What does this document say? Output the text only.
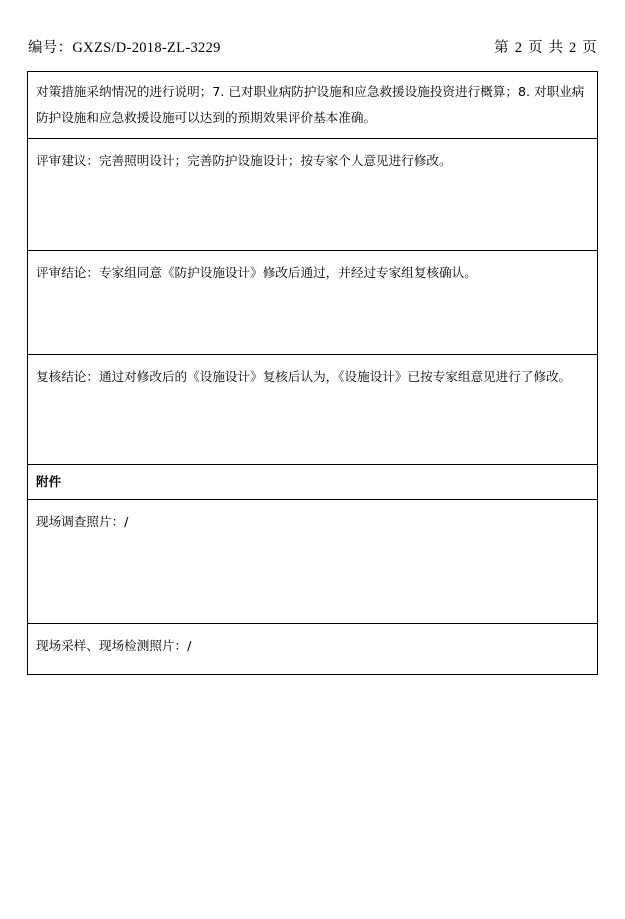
编号：GXZS/D-2018-ZL-3229	第 2 页 共 2 页
对策措施采纳情况的进行说明；7. 已对职业病防护设施和应急救援设施投资进行概算；8. 对职业病防护设施和应急救援设施可以达到的预期效果评价基本准确。
评审建议：完善照明设计；完善防护设施设计；按专家个人意见进行修改。
评审结论：专家组同意《防护设施设计》修改后通过，并经过专家组复核确认。
复核结论：通过对修改后的《设施设计》复核后认为，《设施设计》已按专家组意见进行了修改。
附件
现场调查照片：/
现场采样、现场检测照片：/
